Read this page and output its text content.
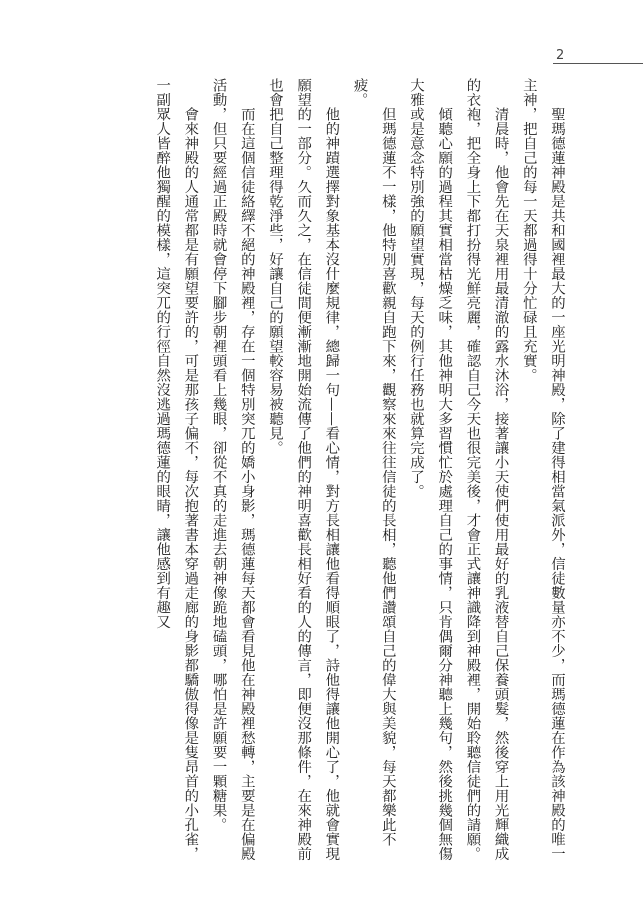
2

聖瑪德蓮神殿是共和國裡最大的一座光明神殿，除了建得相當氣派外，信徒數量亦不少，而瑪德蓮在作為該神殿的唯一主神，把自己的每一天都過得十分忙碌且充實。

清晨時，他會先在天泉裡用最清澈的露水沐浴，接著讓小天使們使用最好的乳液替自己保養頭髮，然後穿上用光輝織成的衣袍，把全身上下都打扮得光鮮亮麗，確認自己今天也很完美後，才會正式讓神識降到神殿裡，開始聆聽信徒們的請願。

傾聽心願的過程其實相當枯燥乏味，其他神明大多習慣忙於處理自己的事情，只肯偶爾分神聽上幾句，然後挑幾個無傷大雅或是意念特別強的願望實現，每天的例行任務也就算完成了。

但瑪德蓮不一樣，他特別喜歡親自跑下來，觀察來來往往信徒的長相，聽他們讚頌自己的偉大與美貌，每天都樂此不疲。

他的神蹟選擇對象基本沒什麼規律，總歸一句——看心情，對方長相讓他看得順眼了，詩他得讓他開心了，他就會實現願望的一部分。久而久之，在信徒間便漸漸地開始流傳了他們的神明喜歡長相好看的人的傳言，即便沒那條件，在來神殿前也會把自己整理得乾淨些，好讓自己的願望較容易被聽見。

而在這個信徒絡繹不絕的神殿裡，存在一個特別突兀的嬌小身影，瑪德蓮每天都會看見他在神殿裡愁轉，主要是在偏殿活動，但只要經過正殿時就會停下腳步朝裡頭看上幾眼，卻從不真的走進去朝神像跪地磕頭，哪怕是許願要一顆糖果。

會來神殿的人通常都是有願望要許的，可是那孩子偏不，每次抱著書本穿過走廊的身影都驕傲得像是隻昂首的小孔雀，一副眾人皆醉他獨醒的模樣，這突兀的行徑自然沒逃過瑪德蓮的眼睛，讓他感到有趣又
